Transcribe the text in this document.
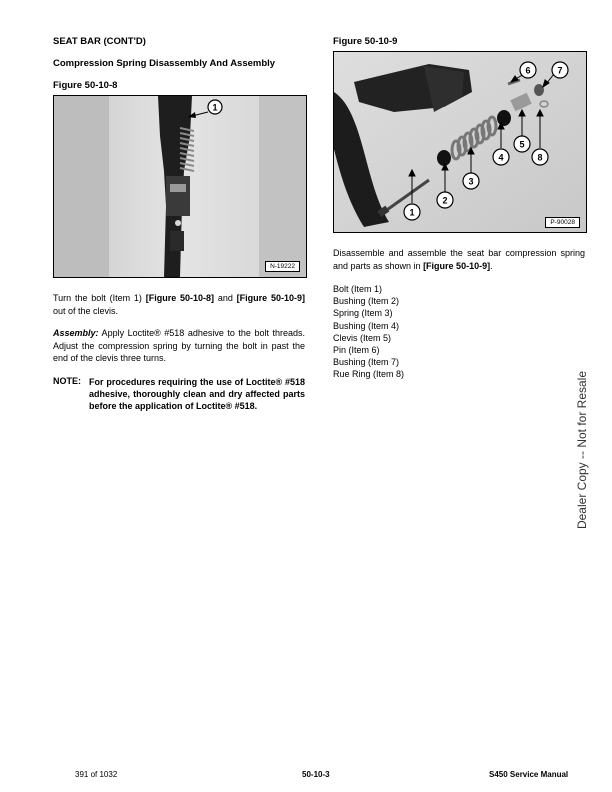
SEAT BAR (CONT'D)
Compression Spring Disassembly And Assembly
Figure 50-10-8
Figure 50-10-9
1
N-19222
1
2
3
4
5
6	7
8
P-90028
Turn the bolt (Item 1) [Figure 50-10-8] and [Figure 50-10-9] out of the clevis.
Assembly: Apply Loctite® #518 adhesive to the bolt threads. Adjust the compression spring by turning the bolt in past the end of the clevis three turns.
NOTE: For procedures requiring the use of Loctite® #518 adhesive, thoroughly clean and dry affected parts before the application of Loctite® #518.
Disassemble and assemble the seat bar compression spring and parts as shown in [Figure 50-10-9].
Bolt (Item 1)
Bushing (Item 2)
Spring (Item 3)
Bushing (Item 4)
Clevis (Item 5)
Pin (Item 6)
Bushing (Item 7)
Rue Ring (Item 8)	Dealer Copy -- Not for Resale
391 of 1032	50-10-3	S450 Service Manual
